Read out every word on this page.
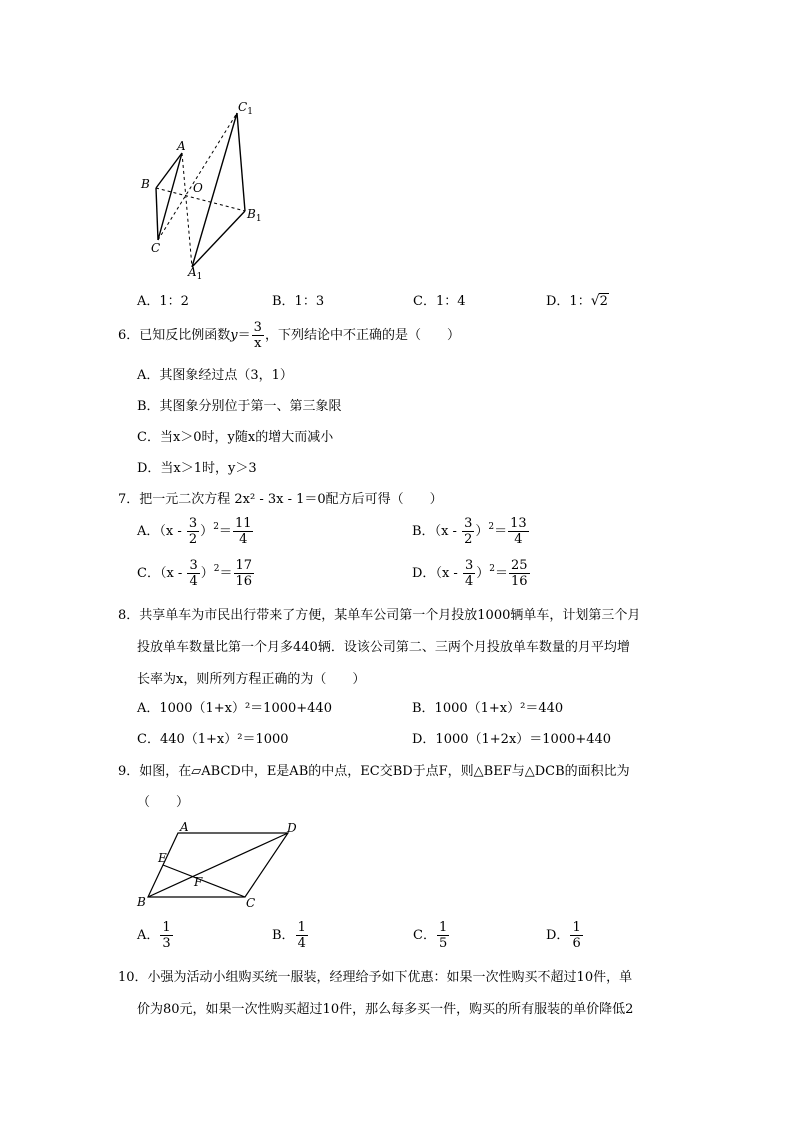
$C_1$
A
B	O
$B_1$
C
$A_1$
A．1：2	B．1：3	C．1：4	D．1：√2
6．已知反比例函数$y= \frac{3}{x}$ ，下列结论中不正确的是（　　）
A．其图象经过点（3，1）
B．其图象分别位于第一、第三象限
C．当x＞0时，y随x的增大而减小
D．当x＞1时，y＞3
7．把一元二次方程 2x² - 3x - 1＝0配方后可得（　　）
A．$(x - \frac{3}{2} )^2= \frac{11}{4}$	B．$(x - \frac{3}{2} )^2= \frac{13}{4}$
C．$(x - \frac{3}{4} )^2= \frac{17}{16}$	D．$(x - \frac{3}{4} )^2= \frac{25}{16}$
8．共享单车为市民出行带来了方便，某单车公司第一个月投放1000辆单车，计划第三个月
投放单车数量比第一个月多440辆．设该公司第二、三两个月投放单车数量的月平均增
长率为x，则所列方程正确的为（　　）
A．1000（1+x）²＝1000+440	B．1000（1+x）²＝440
C．440（1+x）²＝1000	D．1000（1+2x）＝1000+440
9．如图，在▱ABCD中，E是AB的中点，EC交BD于点F，则△BEF与△DCB的面积比为
（　　）
A	D
E
F
B	C
A． $\frac{1}{3}$	B． $\frac{1}{4}$	C． $\frac{1}{5}$	D． $\frac{1}{6}$
10．小强为活动小组购买统一服装，经理给予如下优惠：如果一次性购买不超过10件，单
价为80元，如果一次性购买超过10件，那么每多买一件，购买的所有服装的单价降低2
